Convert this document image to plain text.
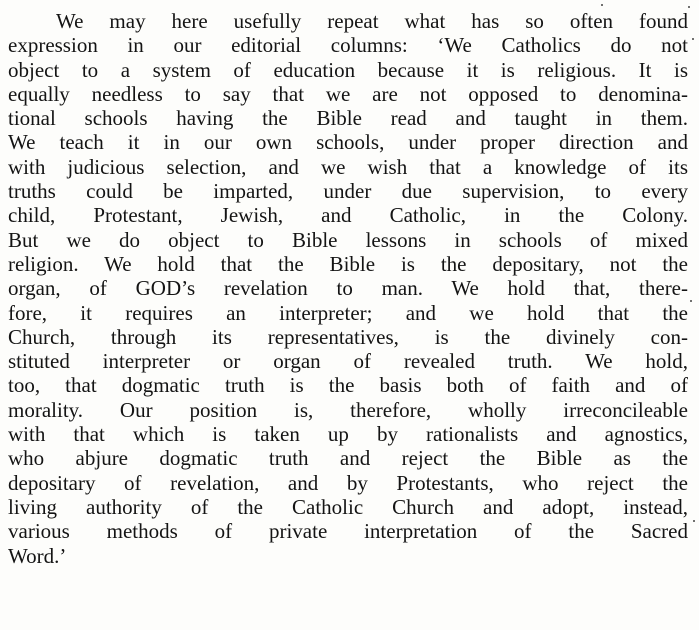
We may here usefully repeat what has so often found
expression in our editorial columns: ‘We Catholics do not
object to a system of education because it is religious. It is
equally needless to say that we are not opposed to denomina-
tional schools having the Bible read and taught in them.
We teach it in our own schools, under proper direction and
with judicious selection, and we wish that a knowledge of its
truths could be imparted, under due supervision, to every
child, Protestant, Jewish, and Catholic, in the Colony.
But we do object to Bible lessons in schools of mixed
religion. We hold that the Bible is the depositary, not the
organ, of GOD’s revelation to man. We hold that, there-
fore, it requires an interpreter; and we hold that the
Church, through its representatives, is the divinely con-
stituted interpreter or organ of revealed truth. We hold,
too, that dogmatic truth is the basis both of faith and of
morality. Our position is, therefore, wholly irreconcileable
with that which is taken up by rationalists and agnostics,
who abjure dogmatic truth and reject the Bible as the
depositary of revelation, and by Protestants, who reject the
living authority of the Catholic Church and adopt, instead,
various methods of private interpretation of the Sacred
Word.’
